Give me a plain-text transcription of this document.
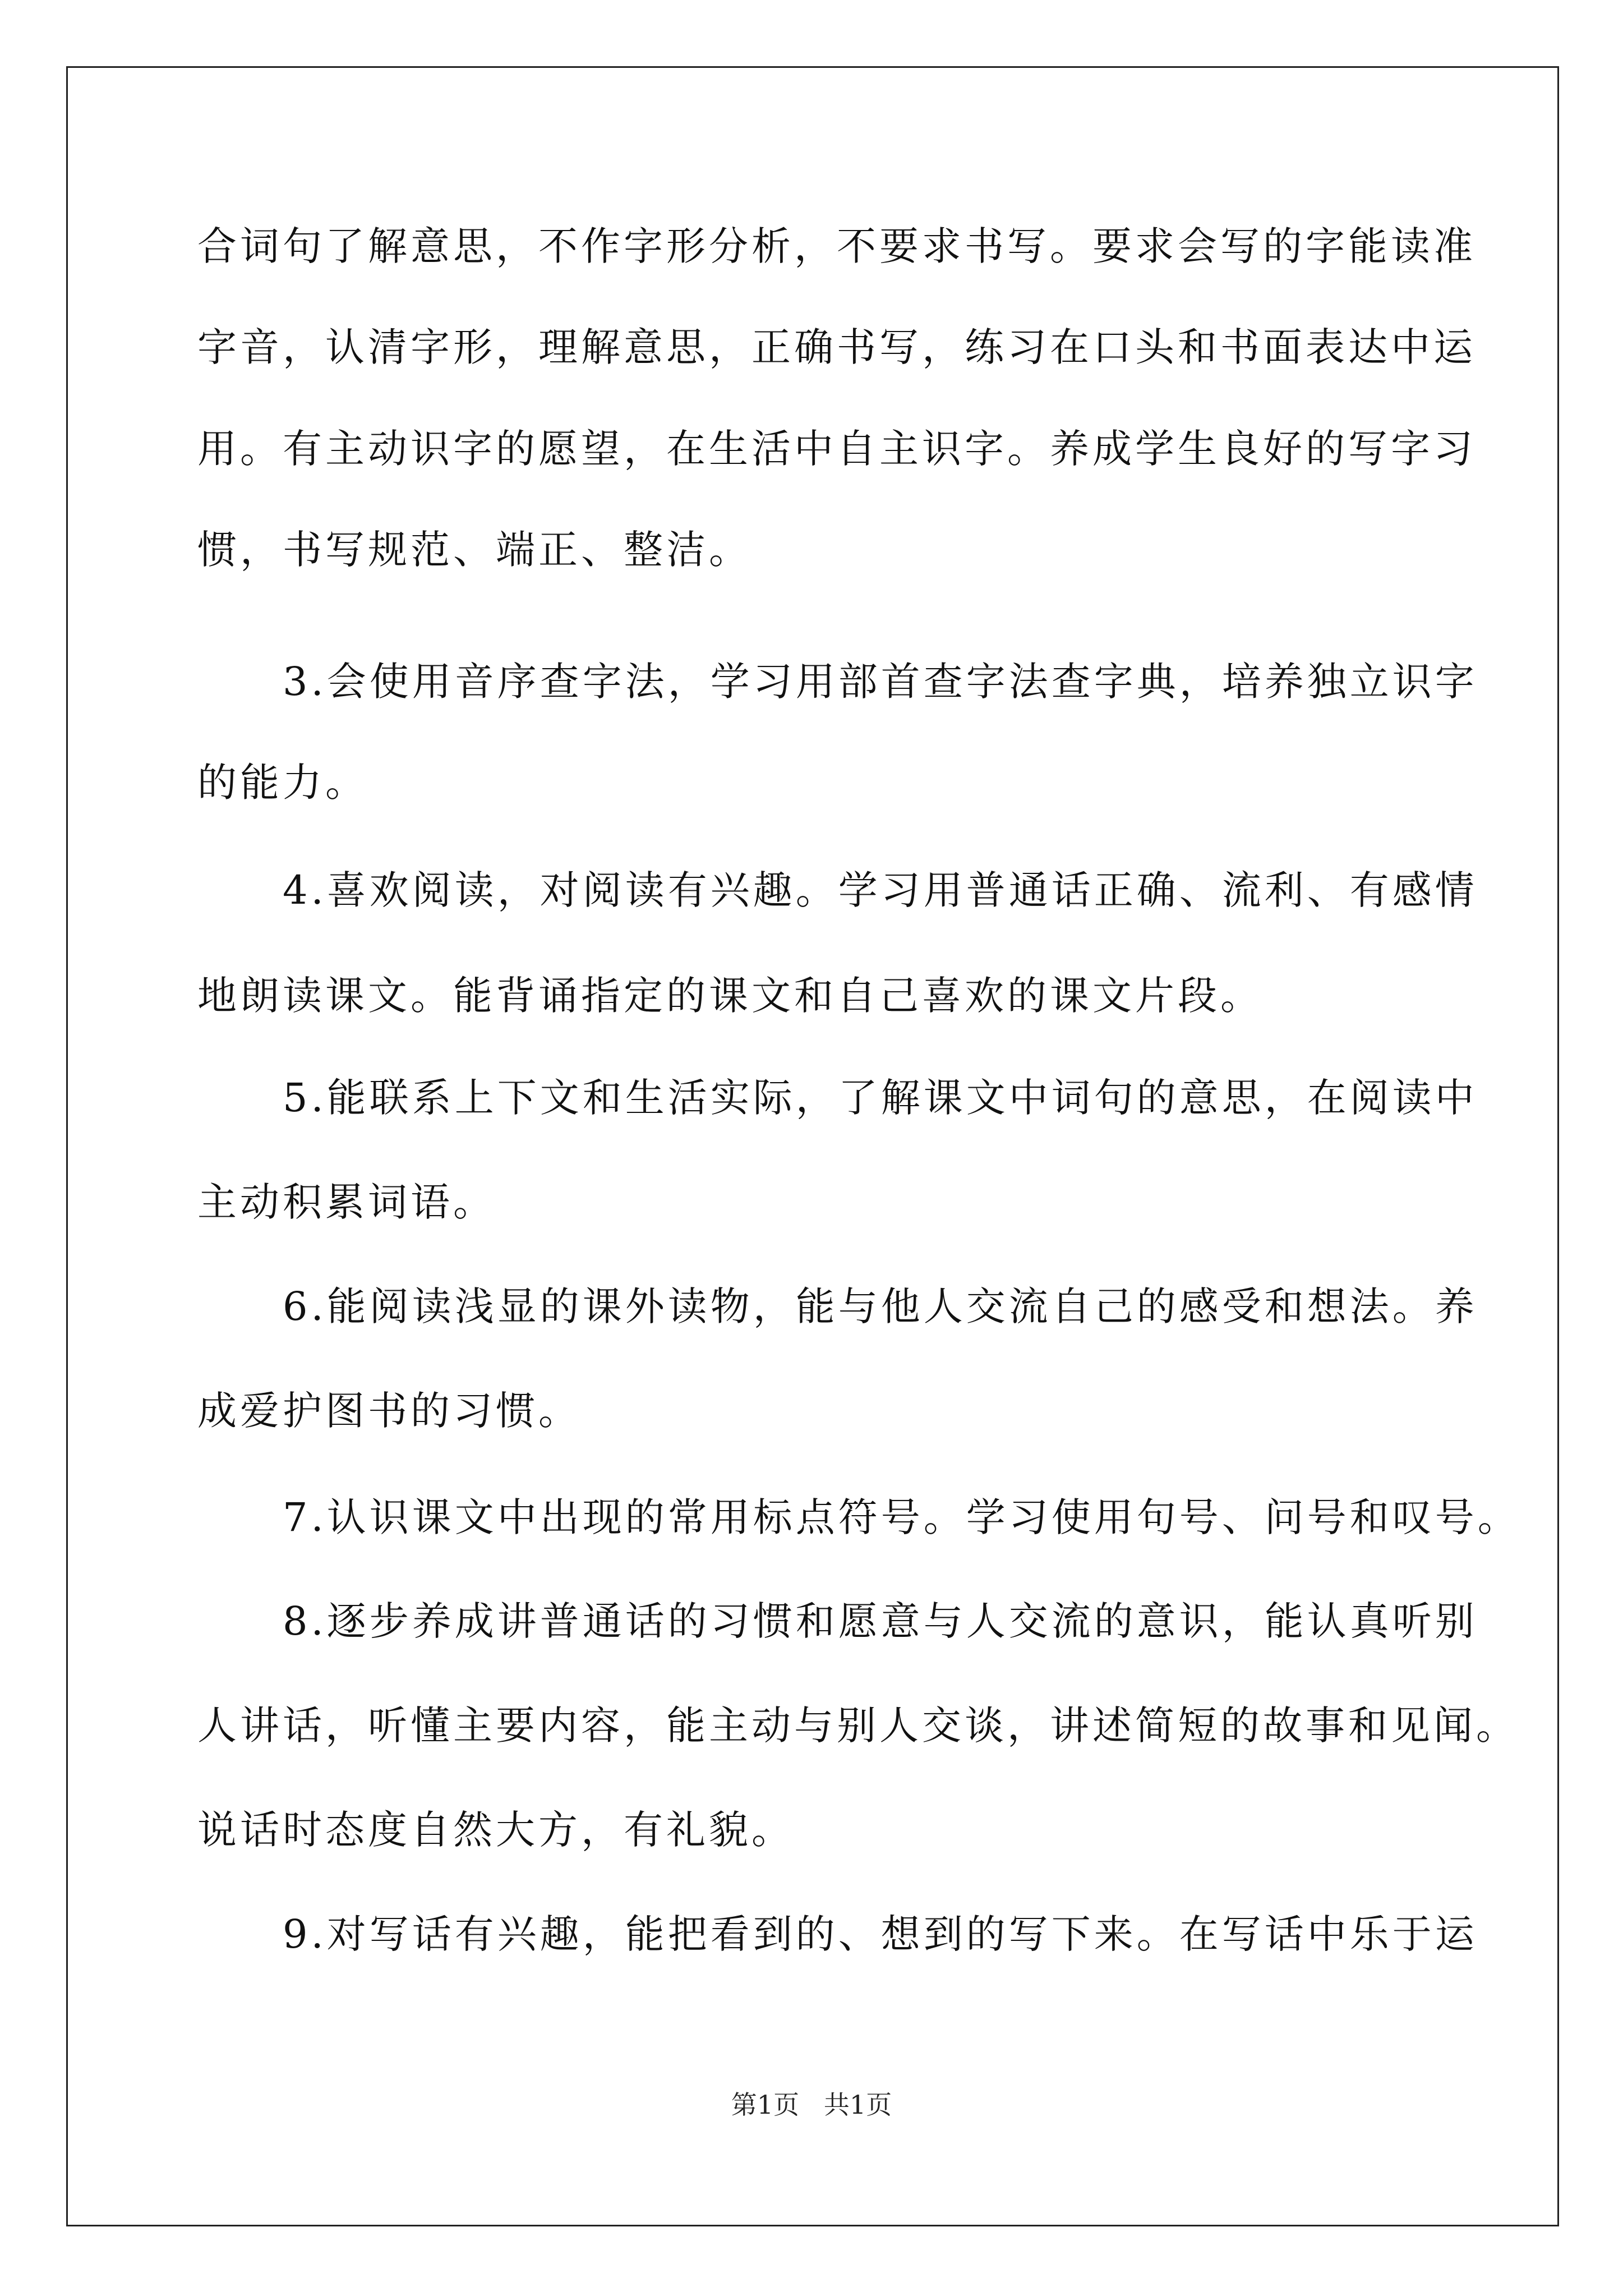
合词句了解意思，不作字形分析，不要求书写。要求会写的字能读准
字音，认清字形，理解意思，正确书写，练习在口头和书面表达中运
用。有主动识字的愿望，在生活中自主识字。养成学生良好的写字习
惯，书写规范、端正、整洁。
　　3.会使用音序查字法，学习用部首查字法查字典，培养独立识字
的能力。
　　4.喜欢阅读，对阅读有兴趣。学习用普通话正确、流利、有感情
地朗读课文。能背诵指定的课文和自己喜欢的课文片段。
　　5.能联系上下文和生活实际，了解课文中词句的意思，在阅读中
主动积累词语。
　　6.能阅读浅显的课外读物，能与他人交流自己的感受和想法。养
成爱护图书的习惯。
　　7.认识课文中出现的常用标点符号。学习使用句号、问号和叹号。
　　8.逐步养成讲普通话的习惯和愿意与人交流的意识，能认真听别
人讲话，听懂主要内容，能主动与别人交谈，讲述简短的故事和见闻。
说话时态度自然大方，有礼貌。
　　9.对写话有兴趣，能把看到的、想到的写下来。在写话中乐于运
第1页   共1页
